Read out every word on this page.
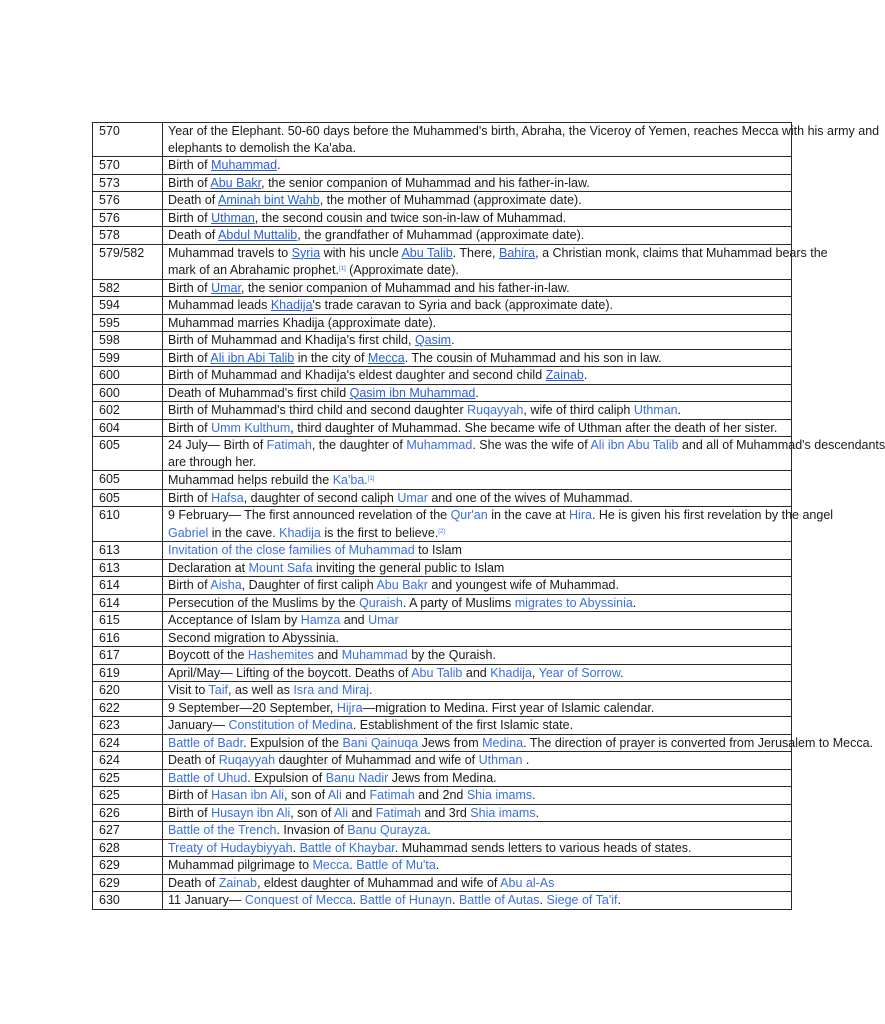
570	Year of the Elephant. 50-60 days before the Muhammed's birth, Abraha, the Viceroy of Yemen, reaches Mecca with his army and
elephants to demolish the Ka'aba.

570	Birth of Muhammad.

573	Birth of Abu Bakr, the senior companion of Muhammad and his father-in-law.

576	Death of Aminah bint Wahb, the mother of Muhammad (approximate date).

576	Birth of Uthman, the second cousin and twice son-in-law of Muhammad.

578	Death of Abdul Muttalib, the grandfather of Muhammad (approximate date).

579/582	Muhammad travels to Syria with his uncle Abu Talib. There, Bahira, a Christian monk, claims that Muhammad bears the
mark of an Abrahamic prophet.[1] (Approximate date).

582	Birth of Umar, the senior companion of Muhammad and his father-in-law.

594	Muhammad leads Khadija's trade caravan to Syria and back (approximate date).

595	Muhammad marries Khadija (approximate date).

598	Birth of Muhammad and Khadija's first child, Qasim.

599	Birth of Ali ibn Abi Talib in the city of Mecca. The cousin of Muhammad and his son in law.

600	Birth of Muhammad and Khadija's eldest daughter and second child Zainab.

600	Death of Muhammad's first child Qasim ibn Muhammad.

602	Birth of Muhammad's third child and second daughter Ruqayyah, wife of third caliph Uthman.

604	Birth of Umm Kulthum, third daughter of Muhammad. She became wife of Uthman after the death of her sister.

605	24 July— Birth of Fatimah, the daughter of Muhammad. She was the wife of Ali ibn Abu Talib and all of Muhammad's descendants
are through her.

605	Muhammad helps rebuild the Ka'ba.[1]

605	Birth of Hafsa, daughter of second caliph Umar and one of the wives of Muhammad.

610	9 February— The first announced revelation of the Qur'an in the cave at Hira. He is given his first revelation by the angel
Gabriel in the cave. Khadija is the first to believe.[2]

613	Invitation of the close families of Muhammad to Islam

613	Declaration at Mount Safa inviting the general public to Islam

614	Birth of Aisha, Daughter of first caliph Abu Bakr and youngest wife of Muhammad.

614	Persecution of the Muslims by the Quraish. A party of Muslims migrates to Abyssinia.

615	Acceptance of Islam by Hamza and Umar

616	Second migration to Abyssinia.

617	Boycott of the Hashemites and Muhammad by the Quraish.

619	April/May— Lifting of the boycott. Deaths of Abu Talib and Khadija, Year of Sorrow.

620	Visit to Taif, as well as Isra and Miraj.

622	9 September—20 September, Hijra—migration to Medina. First year of Islamic calendar.

623	January— Constitution of Medina. Establishment of the first Islamic state.

624	Battle of Badr. Expulsion of the Bani Qainuqa Jews from Medina. The direction of prayer is converted from Jerusalem to Mecca.

624	Death of Ruqayyah daughter of Muhammad and wife of Uthman .

625	Battle of Uhud. Expulsion of Banu Nadir Jews from Medina.

625	Birth of Hasan ibn Ali, son of Ali and Fatimah and 2nd Shia imams.

626	Birth of Husayn ibn Ali, son of Ali and Fatimah and 3rd Shia imams.

627	Battle of the Trench. Invasion of Banu Qurayza.

628	Treaty of Hudaybiyyah. Battle of Khaybar. Muhammad sends letters to various heads of states.

629	Muhammad pilgrimage to Mecca. Battle of Mu'ta.

629	Death of Zainab, eldest daughter of Muhammad and wife of Abu al-As

630	11 January— Conquest of Mecca. Battle of Hunayn. Battle of Autas. Siege of Ta'if.
